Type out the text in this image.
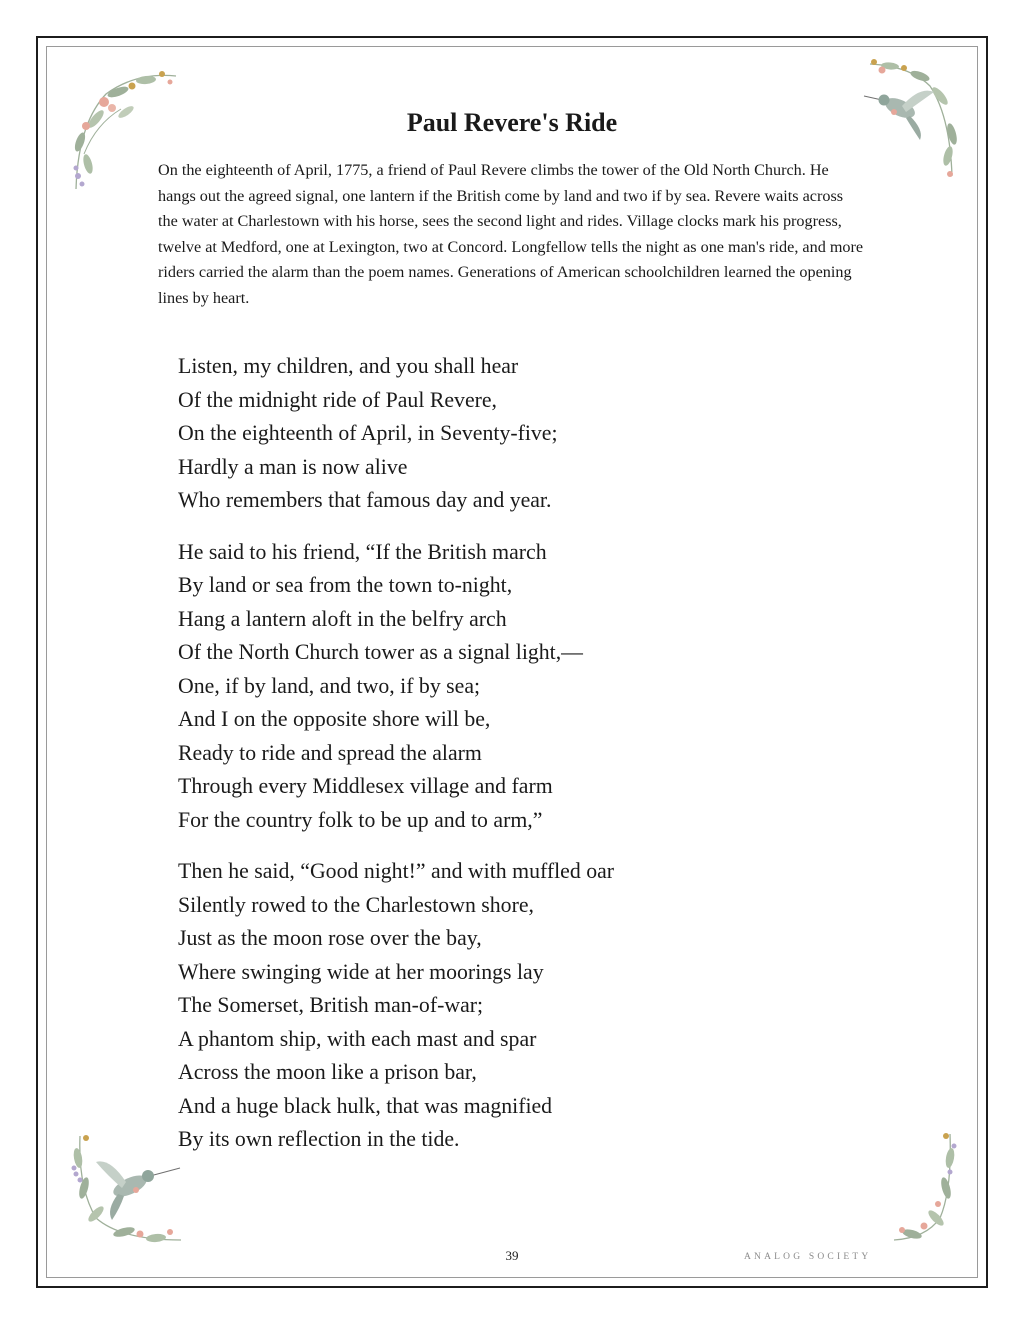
Paul Revere's Ride

On the eighteenth of April, 1775, a friend of Paul Revere climbs the tower of the Old North Church. He hangs out the agreed signal, one lantern if the British come by land and two if by sea. Revere waits across the water at Charlestown with his horse, sees the second light and rides. Village clocks mark his progress, twelve at Medford, one at Lexington, two at Concord. Longfellow tells the night as one man's ride, and more riders carried the alarm than the poem names. Generations of American schoolchildren learned the opening lines by heart.

Listen, my children, and you shall hear
Of the midnight ride of Paul Revere,
On the eighteenth of April, in Seventy-five;
Hardly a man is now alive
Who remembers that famous day and year.
He said to his friend, “If the British march
By land or sea from the town to-night,
Hang a lantern aloft in the belfry arch
Of the North Church tower as a signal light,—
One, if by land, and two, if by sea;
And I on the opposite shore will be,
Ready to ride and spread the alarm
Through every Middlesex village and farm
For the country folk to be up and to arm,”
Then he said, “Good night!” and with muffled oar
Silently rowed to the Charlestown shore,
Just as the moon rose over the bay,
Where swinging wide at her moorings lay
The Somerset, British man-of-war;
A phantom ship, with each mast and spar
Across the moon like a prison bar,
And a huge black hulk, that was magnified
By its own reflection in the tide.
39	ANALOG SOCIETY
